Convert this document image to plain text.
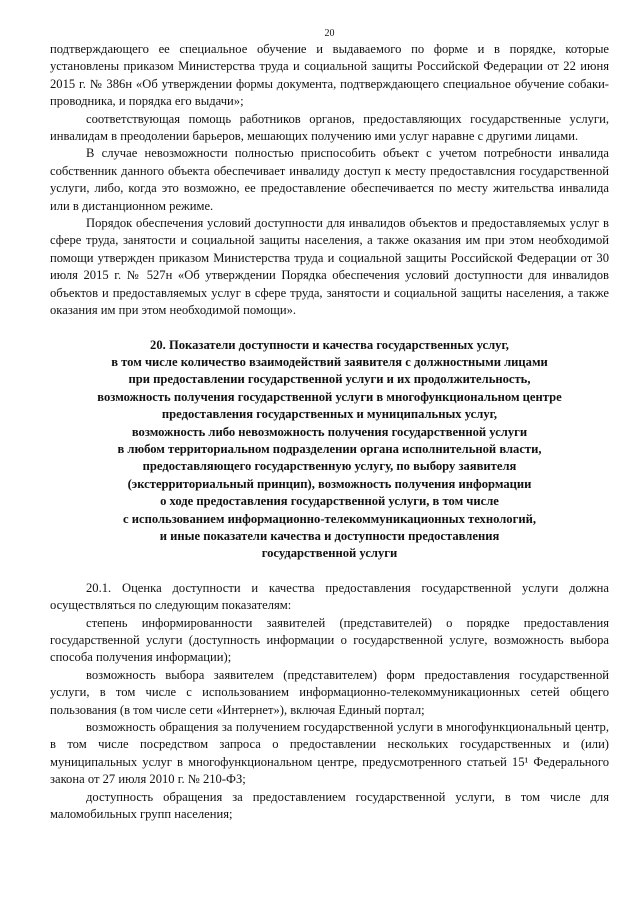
20

подтверждающего ее специальное обучение и выдаваемого по форме и в порядке, которые установлены приказом Министерства труда и социальной защиты Российской Федерации от 22 июня 2015 г. № 386н «Об утверждении формы документа, подтверждающего специальное обучение собаки-проводника, и порядка его выдачи»;

соответствующая помощь работников органов, предоставляющих государственные услуги, инвалидам в преодолении барьеров, мешающих получению ими услуг наравне с другими лицами.

В случае невозможности полностью приспособить объект с учетом потребности инвалида собственник данного объекта обеспечивает инвалиду доступ к месту предоставлсния государственной услуги, либо, когда это возможно, ее предоставление обеспечивается по месту жительства инвалида или в дистанционном режиме.

Порядок обеспечения условий доступности для инвалидов объектов и предоставляемых услуг в сфере труда, занятости и социальной защиты населения, а также оказания им при этом необходимой помощи утвержден приказом Министерства труда и социальной защиты Российской Федерации от 30 июля 2015 г. № 527н «Об утверждении Порядка обеспечения условий доступности для инвалидов объектов и предоставляемых услуг в сфере труда, занятости и социальной защиты населения, а также оказания им при этом необходимой помощи».

20. Показатели доступности и качества государственных услуг,
в том числе количество взаимодействий заявителя с должностными лицами
при предоставлении государственной услуги и их продолжительность,
возможность получения государственной услуги в многофункциональном центре
предоставления государственных и муниципальных услуг,
возможность либо невозможность получения государственной услуги
в любом территориальном подразделении органа исполнительной власти,
предоставляющего государственную услугу, по выбору заявителя
(экстерриториальный принцип), возможность получения информации
о ходе предоставления государственной услуги, в том числе
с использованием информационно-телекоммуникационных технологий,
и иные показатели качества и доступности предоставления
государственной услуги

20.1. Оценка доступности и качества предоставления государственной услуги должна осуществляться по следующим показателям:

степень информированности заявителей (представителей) о порядке предоставления государственной услуги (доступность информации о государственной услуге, возможность выбора способа получения информации);

возможность выбора заявителем (представителем) форм предоставления государственной услуги, в том числе с использованием информационно-телекоммуникационных сетей общего пользования (в том числе сети «Интернет»), включая Единый портал;

возможность обращения за получением государственной услуги в многофункциональный центр, в том числе посредством запроса о предоставлении нескольких государственных и (или) муниципальных услуг в многофункциональном центре, предусмотренного статьей 15¹ Федерального закона от 27 июля 2010 г. № 210-ФЗ;

доступность обращения за предоставлением государственной услуги, в том числе для маломобильных групп населения;
